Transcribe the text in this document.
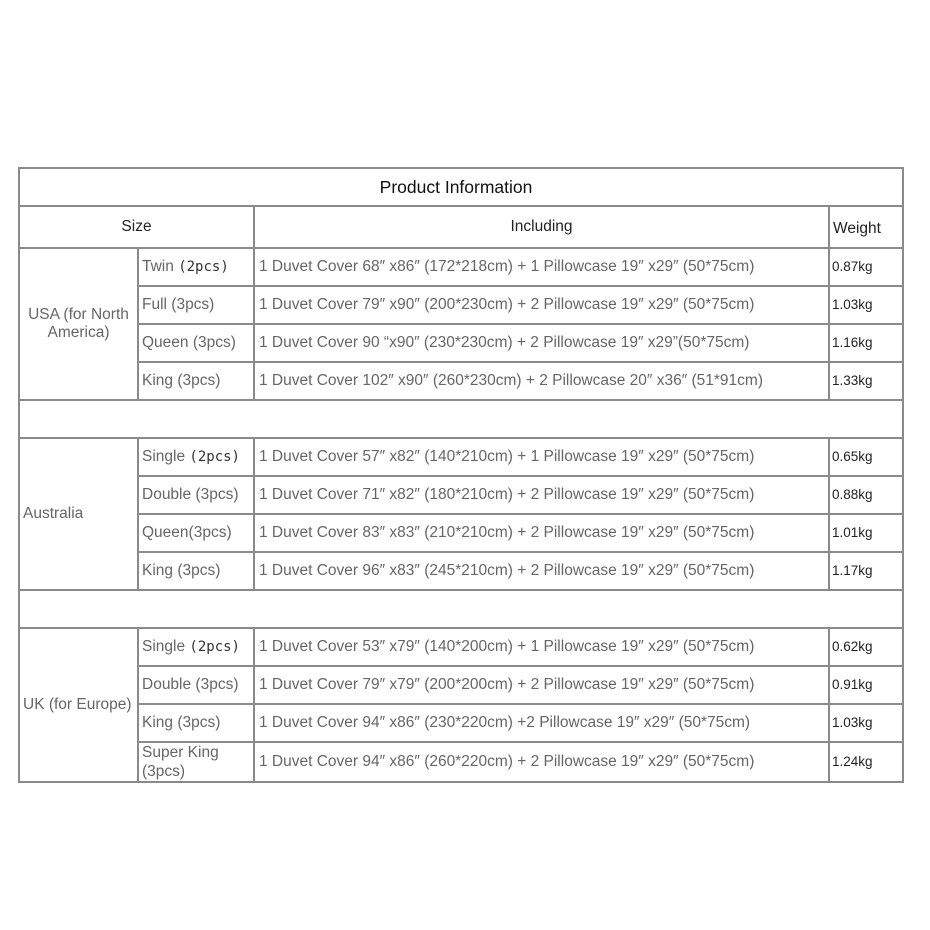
Product Information			
Size		Including	Weight
USA (for North America)	Twin (2pcs)	1 Duvet Cover 68″ x86″ (172*218cm) + 1 Pillowcase 19″ x29″ (50*75cm)	0.87kg
	Full (3pcs)	1 Duvet Cover 79″ x90″ (200*230cm) + 2 Pillowcase 19″ x29″ (50*75cm)	1.03kg
	Queen (3pcs)	1 Duvet Cover 90 “x90″ (230*230cm) + 2 Pillowcase 19″ x29”(50*75cm)	1.16kg
	King (3pcs)	1 Duvet Cover 102″ x90″ (260*230cm) + 2 Pillowcase 20″ x36″ (51*91cm)	1.33kg

Australia	Single (2pcs)	1 Duvet Cover 57″ x82″ (140*210cm) + 1 Pillowcase 19″ x29″ (50*75cm)	0.65kg
	Double (3pcs)	1 Duvet Cover 71″ x82″ (180*210cm) + 2 Pillowcase 19″ x29″ (50*75cm)	0.88kg
	Queen(3pcs)	1 Duvet Cover 83″ x83″ (210*210cm) + 2 Pillowcase 19″ x29″ (50*75cm)	1.01kg
	King (3pcs)	1 Duvet Cover 96″ x83″ (245*210cm) + 2 Pillowcase 19″ x29″ (50*75cm)	1.17kg

UK (for Europe)	Single (2pcs)	1 Duvet Cover 53″ x79″ (140*200cm) + 1 Pillowcase 19″ x29″ (50*75cm)	0.62kg
	Double (3pcs)	1 Duvet Cover 79″ x79″ (200*200cm) + 2 Pillowcase 19″ x29″ (50*75cm)	0.91kg
	King (3pcs)	1 Duvet Cover 94″ x86″ (230*220cm) +2 Pillowcase 19″ x29″ (50*75cm)	1.03kg
	Super King (3pcs)	1 Duvet Cover 94″ x86″ (260*220cm) + 2 Pillowcase 19″ x29″ (50*75cm)	1.24kg
